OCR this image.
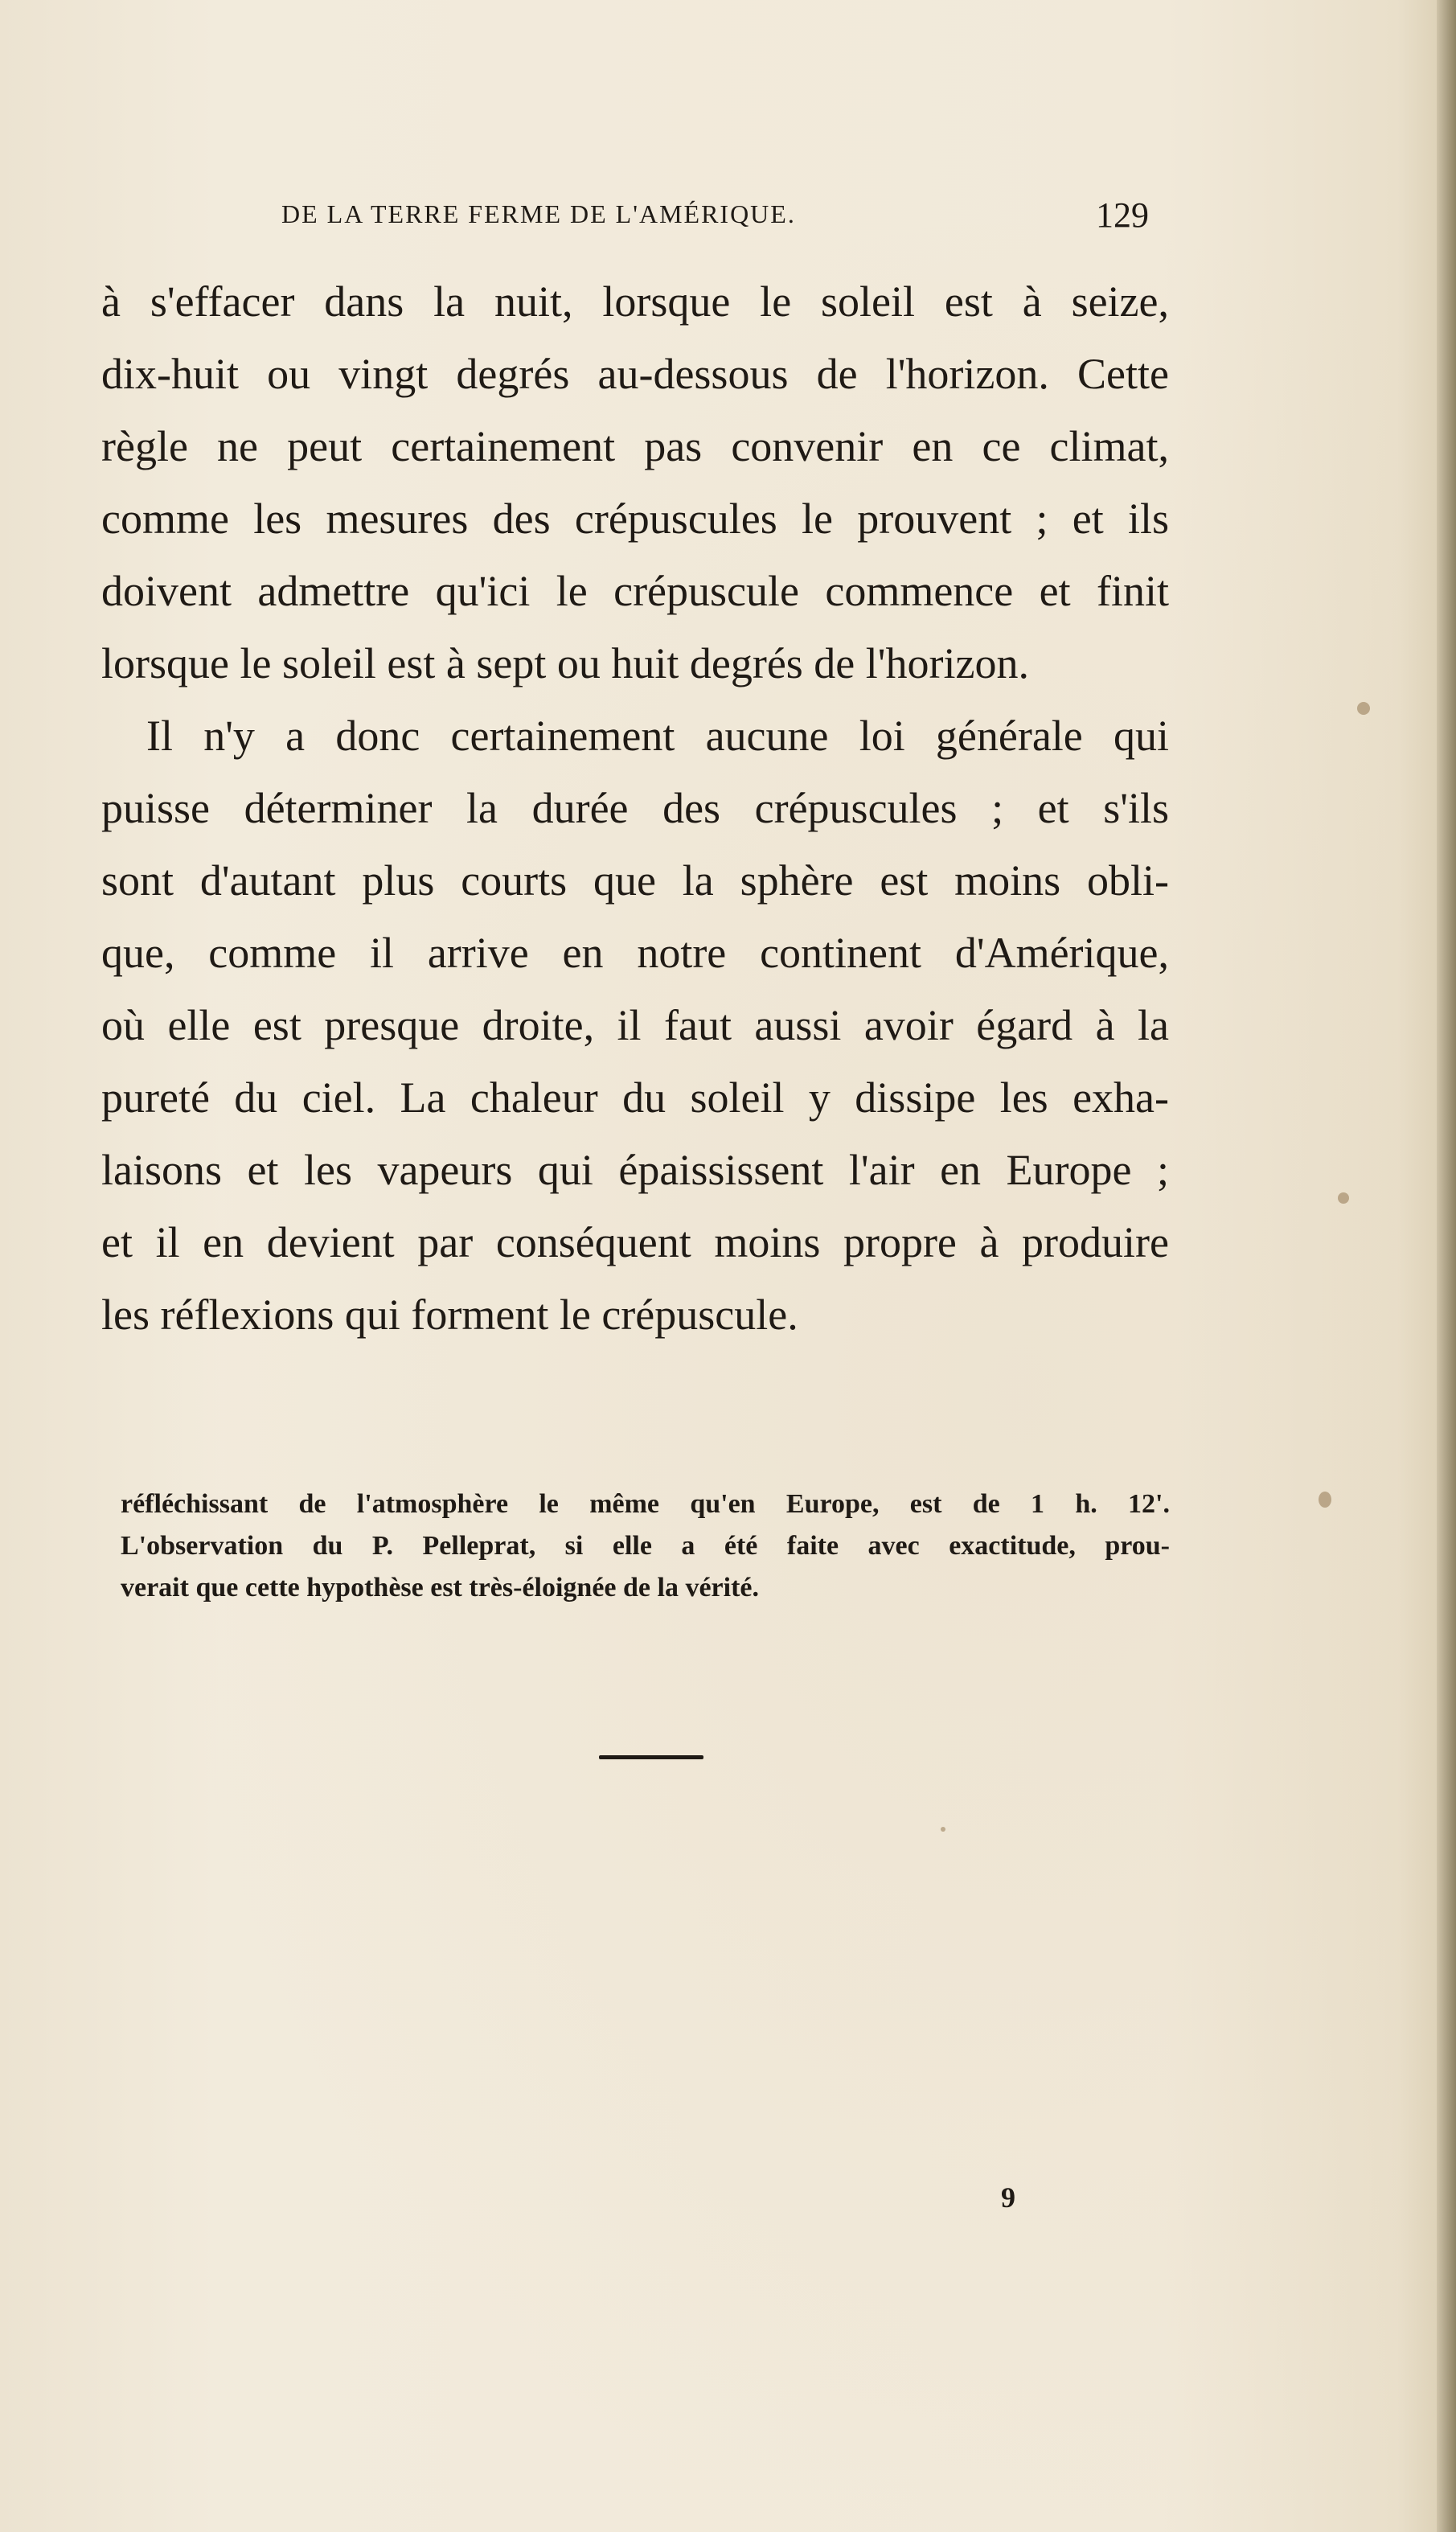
DE LA TERRE FERME DE L'AMÉRIQUE.	129
à s'effacer dans la nuit, lorsque le soleil est à seize,
dix-huit ou vingt degrés au-dessous de l'horizon. Cette
règle ne peut certainement pas convenir en ce climat,
comme les mesures des crépuscules le prouvent ; et ils
doivent admettre qu'ici le crépuscule commence et finit
lorsque le soleil est à sept ou huit degrés de l'horizon.
Il n'y a donc certainement aucune loi générale qui
puisse déterminer la durée des crépuscules ; et s'ils
sont d'autant plus courts que la sphère est moins obli-
que, comme il arrive en notre continent d'Amérique,
où elle est presque droite, il faut aussi avoir égard à la
pureté du ciel. La chaleur du soleil y dissipe les exha-
laisons et les vapeurs qui épaississent l'air en Europe ;
et il en devient par conséquent moins propre à produire
les réflexions qui forment le crépuscule.
réfléchissant de l'atmosphère le même qu'en Europe, est de 1 h. 12'.
L'observation du P. Pelleprat, si elle a été faite avec exactitude, prou-
verait que cette hypothèse est très-éloignée de la vérité.
9
